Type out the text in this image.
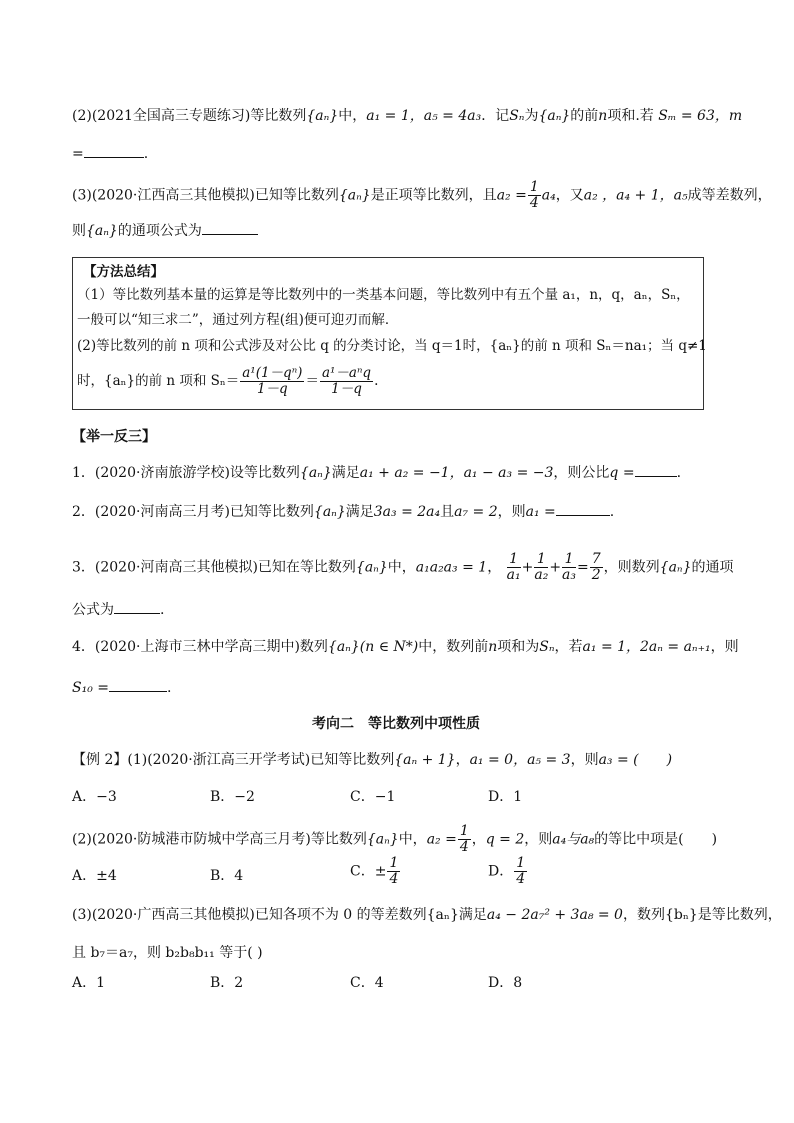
(2)(2021全国高三专题练习)等比数列{aₙ}中，a₁ = 1，a₅ = 4a₃．记Sₙ为{aₙ}的前n项和.若 Sₘ = 63，m
=	.
(3)(2020·江西高三其他模拟)已知等比数列{aₙ}是正项等比数列，且$a_2 = \frac{1}{4} a_4$，又a₂ ，a₄ + 1，a₅成等差数列，
则{aₙ}的通项公式为
【方法总结】
（1）等比数列基本量的运算是等比数列中的一类基本问题，等比数列中有五个量 a₁，n，q，aₙ，Sₙ，
一般可以“知三求二”，通过列方程(组)便可迎刃而解．
(2)等比数列的前 n 项和公式涉及对公比 q 的分类讨论，当 q＝1时，{aₙ}的前 n 项和 Sₙ＝na₁；当 q≠1
时，{aₙ}的前 n 项和 $S_n= \frac{\text{a¹(1－qⁿ)}}{1-q} = \frac{\text{a¹－aⁿq}}{1-q}$ .
【举一反三】
1．(2020·济南旅游学校)设等比数列{aₙ}满足a₁ + a₂ = −1，a₁ − a₃ = −3，则公比q =	.
2．(2020·河南高三月考)已知等比数列{aₙ}满足3a₃ = 2a₄且a₇ = 2，则a₁ =	.
3．(2020·河南高三其他模拟)已知在等比数列{aₙ}中，a₁a₂a₃ = 1， $\frac{1}{\text{a₁}} + \frac{1}{\text{a₂}} + \frac{1}{\text{a₃}} = \frac{7}{2}$ ，则数列{aₙ}的通项
公式为	.
4．(2020·上海市三林中学高三期中)数列{aₙ}(n ∈ N*)中，数列前n项和为Sₙ，若a₁ = 1，2aₙ = aₙ₊₁，则
S₁₀ =	.
考向二　等比数列中项性质
【例 2】(1)(2020·浙江高三开学考试)已知等比数列{aₙ + 1}，a₁ = 0，a₅ = 3，则a₃ = (　　)
A．−3	B．−2	C．−1	D．1
(2)(2020·防城港市防城中学高三月考)等比数列{aₙ}中，$a_2 = \frac{1}{4}$ ，q = 2，则a₄与a₈的等比中项是(　　)
A．±4	B．4	C．± $\frac{1}{4}$	D． $\frac{1}{4}$
(3)(2020·广西高三其他模拟)已知各项不为 0 的等差数列{aₙ}满足a₄ − 2a₇² + 3a₈ = 0，数列{bₙ}是等比数列，
且 b₇＝a₇，则 b₂b₈b₁₁ 等于( )
A．1	B．2	C．4	D．8
